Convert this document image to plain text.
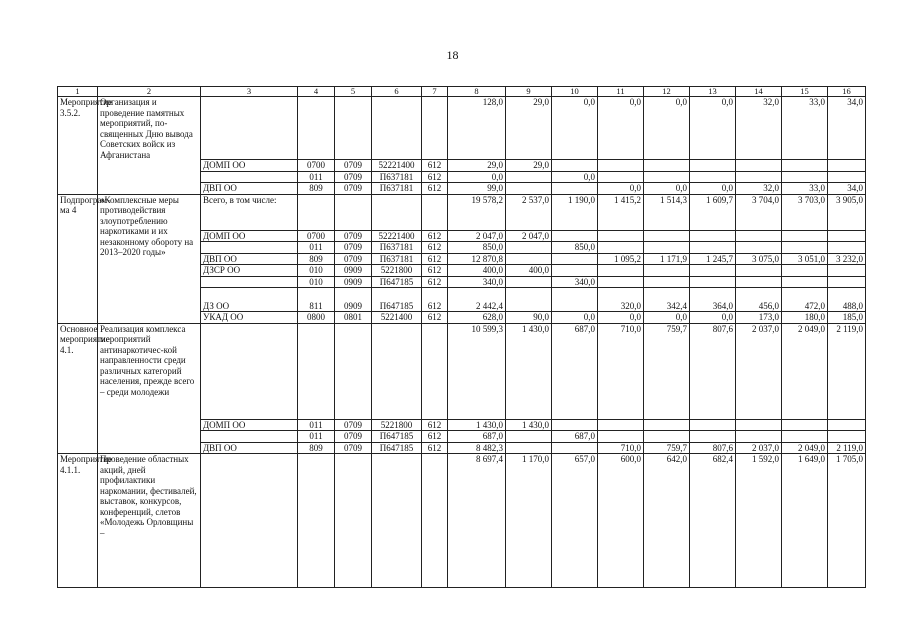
18
1	2	3	4	5	6	7	8	9	10	11	12	13	14	15	16
Мероприятие 3.5.2.	Организация и проведение памятных мероприятий, по-священных Дню вывода Советских войск из Афганистана						128,0	29,0	0,0	0,0	0,0	0,0	32,0	33,0	34,0
		ДОМП ОО	0700	0709	52221400	612	29,0	29,0							
			011	0709	П637181	612	0,0		0,0						
		ДВП ОО	809	0709	П637181	612	99,0			0,0	0,0	0,0	32,0	33,0	34,0
Подпрограм-ма 4	«Комплексные меры противодействия злоупотреблению наркотиками и их незаконному обороту на 2013–2020 годы»	Всего, в том числе:					19 578,2	2 537,0	1 190,0	1 415,2	1 514,3	1 609,7	3 704,0	3 703,0	3 905,0
		ДОМП ОО	0700	0709	52221400	612	2 047,0	2 047,0							
			011	0709	П637181	612	850,0		850,0						
		ДВП ОО	809	0709	П637181	612	12 870,8			1 095,2	1 171,9	1 245,7	3 075,0	3 051,0	3 232,0
		ДЗСР ОО	010	0909	5221800	612	400,0	400,0							
			010	0909	П647185	612	340,0		340,0						
		ДЗ ОО	811	0909	П647185	612	2 442,4			320,0	342,4	364,0	456,0	472,0	488,0
		УКАД ОО	0800	0801	5221400	612	628,0	90,0	0,0	0,0	0,0	0,0	173,0	180,0	185,0
Основное мероприятие 4.1.	Реализация комплекса мероприятий антинаркотичес-кой направленности среди различных категорий населения, прежде всего – среди молодежи						10 599,3	1 430,0	687,0	710,0	759,7	807,6	2 037,0	2 049,0	2 119,0
		ДОМП ОО	011	0709	5221800	612	1 430,0	1 430,0							
			011	0709	П647185	612	687,0		687,0						
		ДВП ОО	809	0709	П647185	612	8 482,3			710,0	759,7	807,6	2 037,0	2 049,0	2 119,0
Мероприятие 4.1.1.	Проведение областных акций, дней профилактики наркомании, фестивалей, выставок, конкурсов, конференций, слетов «Молодежь Орловщины –						8 697,4	1 170,0	657,0	600,0	642,0	682,4	1 592,0	1 649,0	1 705,0
